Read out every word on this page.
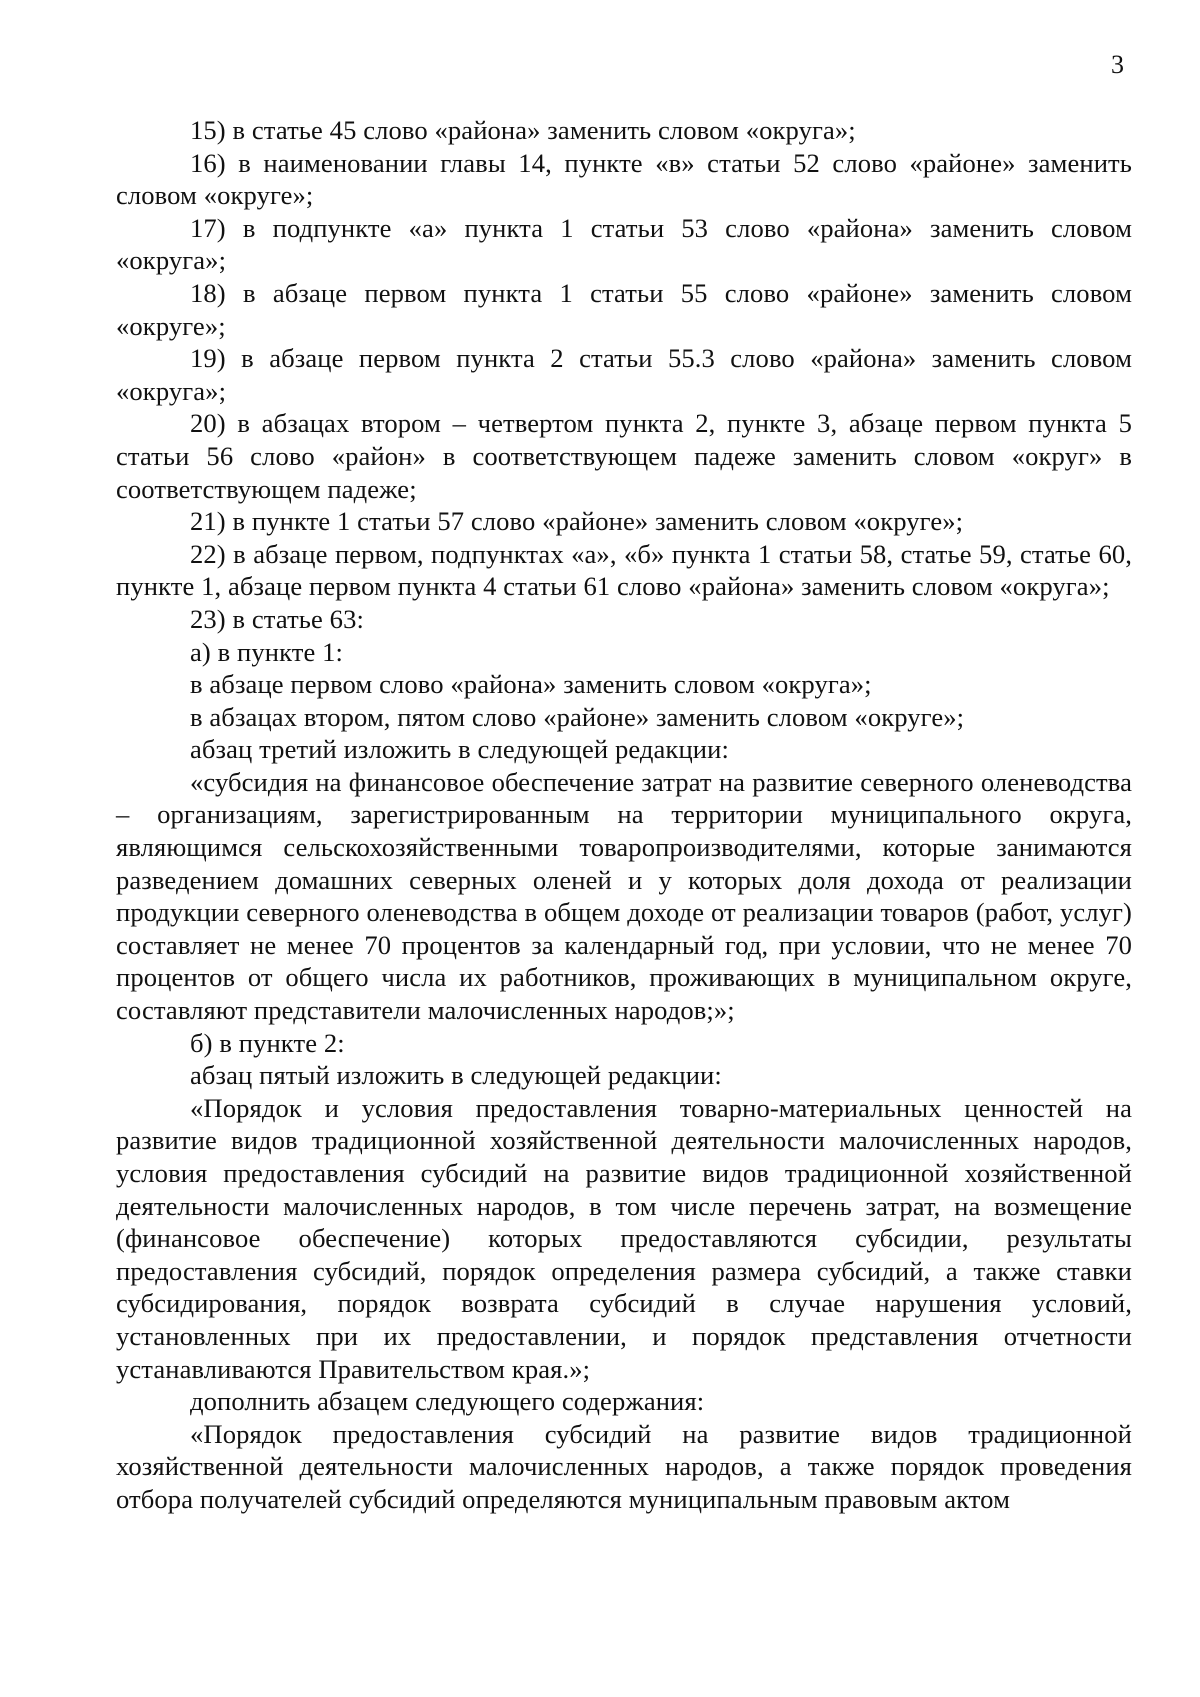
3

15) в статье 45 слово «района» заменить словом «округа»;

16) в наименовании главы 14, пункте «в» статьи 52 слово «районе» заменить словом «округе»;

17) в подпункте «а» пункта 1 статьи 53 слово «района» заменить словом «округа»;

18) в абзаце первом пункта 1 статьи 55 слово «районе» заменить словом «округе»;

19) в абзаце первом пункта 2 статьи 55.3 слово «района» заменить словом «округа»;

20) в абзацах втором – четвертом пункта 2, пункте 3, абзаце первом пункта 5 статьи 56 слово «район» в соответствующем падеже заменить словом «округ» в соответствующем падеже;

21) в пункте 1 статьи 57 слово «районе» заменить словом «округе»;

22) в абзаце первом, подпунктах «а», «б» пункта 1 статьи 58, статье 59, статье 60, пункте 1, абзаце первом пункта 4 статьи 61 слово «района» заменить словом «округа»;

23) в статье 63:

а) в пункте 1:

в абзаце первом слово «района» заменить словом «округа»;

в абзацах втором, пятом слово «районе» заменить словом «округе»;

абзац третий изложить в следующей редакции:

«субсидия на финансовое обеспечение затрат на развитие северного оленеводства – организациям, зарегистрированным на территории муниципального округа, являющимся сельскохозяйственными товаропроизводителями, которые занимаются разведением домашних северных оленей и у которых доля дохода от реализации продукции северного оленеводства в общем доходе от реализации товаров (работ, услуг) составляет не менее 70 процентов за календарный год, при условии, что не менее 70 процентов от общего числа их работников, проживающих в муниципальном округе, составляют представители малочисленных народов;»;

б) в пункте 2:

абзац пятый изложить в следующей редакции:

«Порядок и условия предоставления товарно-материальных ценностей на развитие видов традиционной хозяйственной деятельности малочисленных народов, условия предоставления субсидий на развитие видов традиционной хозяйственной деятельности малочисленных народов, в том числе перечень затрат, на возмещение (финансовое обеспечение) которых предоставляются субсидии, результаты предоставления субсидий, порядок определения размера субсидий, а также ставки субсидирования, порядок возврата субсидий в случае нарушения условий, установленных при их предоставлении, и порядок представления отчетности устанавливаются Правительством края.»;

дополнить абзацем следующего содержания:

«Порядок предоставления субсидий на развитие видов традиционной хозяйственной деятельности малочисленных народов, а также порядок проведения отбора получателей субсидий определяются муниципальным правовым актом
